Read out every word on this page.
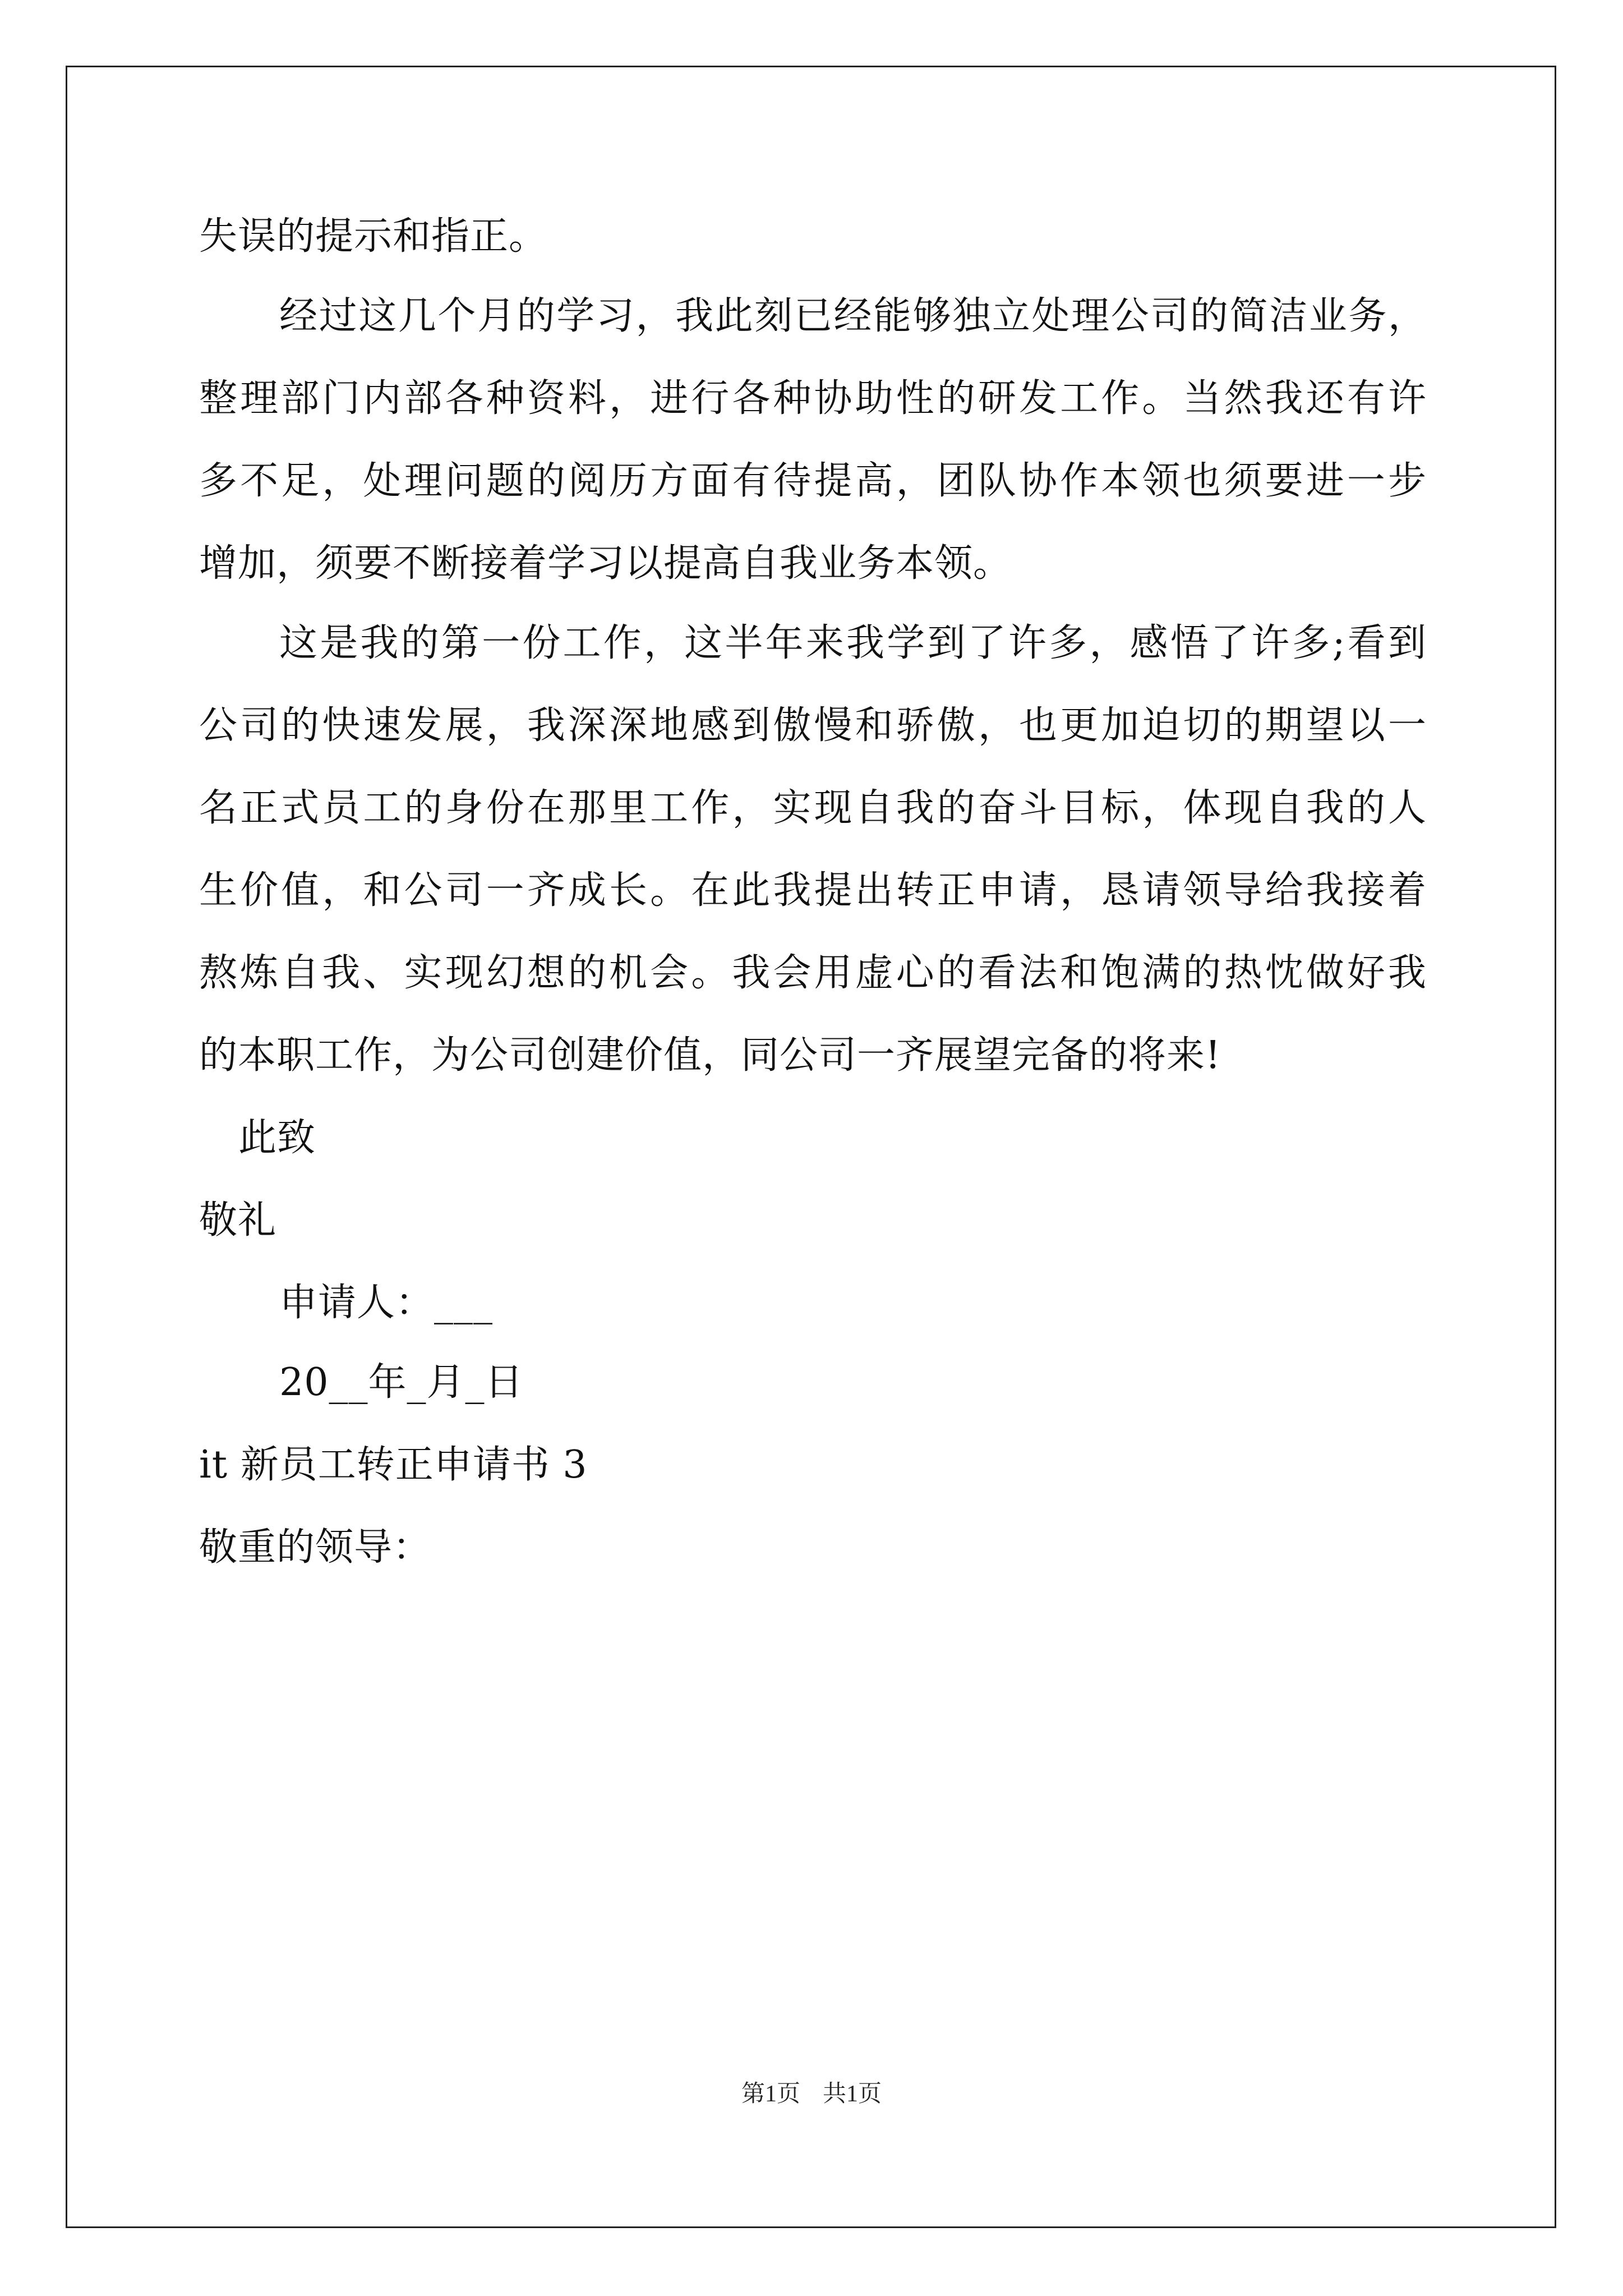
失误的提示和指正。
经过这几个月的学习，我此刻已经能够独立处理公司的简洁业务，
整理部门内部各种资料，进行各种协助性的研发工作。当然我还有许
多不足，处理问题的阅历方面有待提高，团队协作本领也须要进一步
增加，须要不断接着学习以提高自我业务本领。
这是我的第一份工作，这半年来我学到了许多，感悟了许多;看到
公司的快速发展，我深深地感到傲慢和骄傲，也更加迫切的期望以一
名正式员工的身份在那里工作，实现自我的奋斗目标，体现自我的人
生价值，和公司一齐成长。在此我提出转正申请，恳请领导给我接着
熬炼自我、实现幻想的机会。我会用虚心的看法和饱满的热忱做好我
的本职工作，为公司创建价值，同公司一齐展望完备的将来!
此致
敬礼
申请人：___
20__年_月_日
it 新员工转正申请书 3
敬重的领导：
第1页 共1页
